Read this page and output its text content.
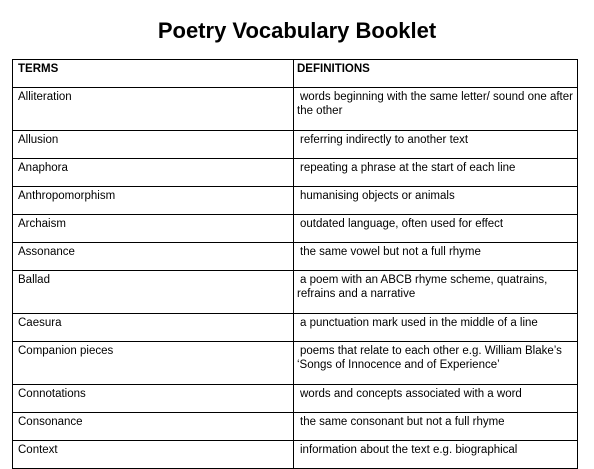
Poetry Vocabulary Booklet
TERMS	DEFINITIONS
Alliteration	words beginning with the same letter/ sound one after the other

Allusion	referring indirectly to another text

Anaphora	repeating a phrase at the start of each line

Anthropomorphism	humanising objects or animals

Archaism	outdated language, often used for effect

Assonance	the same vowel but not a full rhyme

Ballad	a poem with an ABCB rhyme scheme, quatrains, refrains and a narrative

Caesura	a punctuation mark used in the middle of a line

Companion pieces	poems that relate to each other e.g. William Blake’s ‘Songs of Innocence and of Experience’

Connotations	words and concepts associated with a word

Consonance	the same consonant but not a full rhyme

Context	information about the text e.g. biographical
